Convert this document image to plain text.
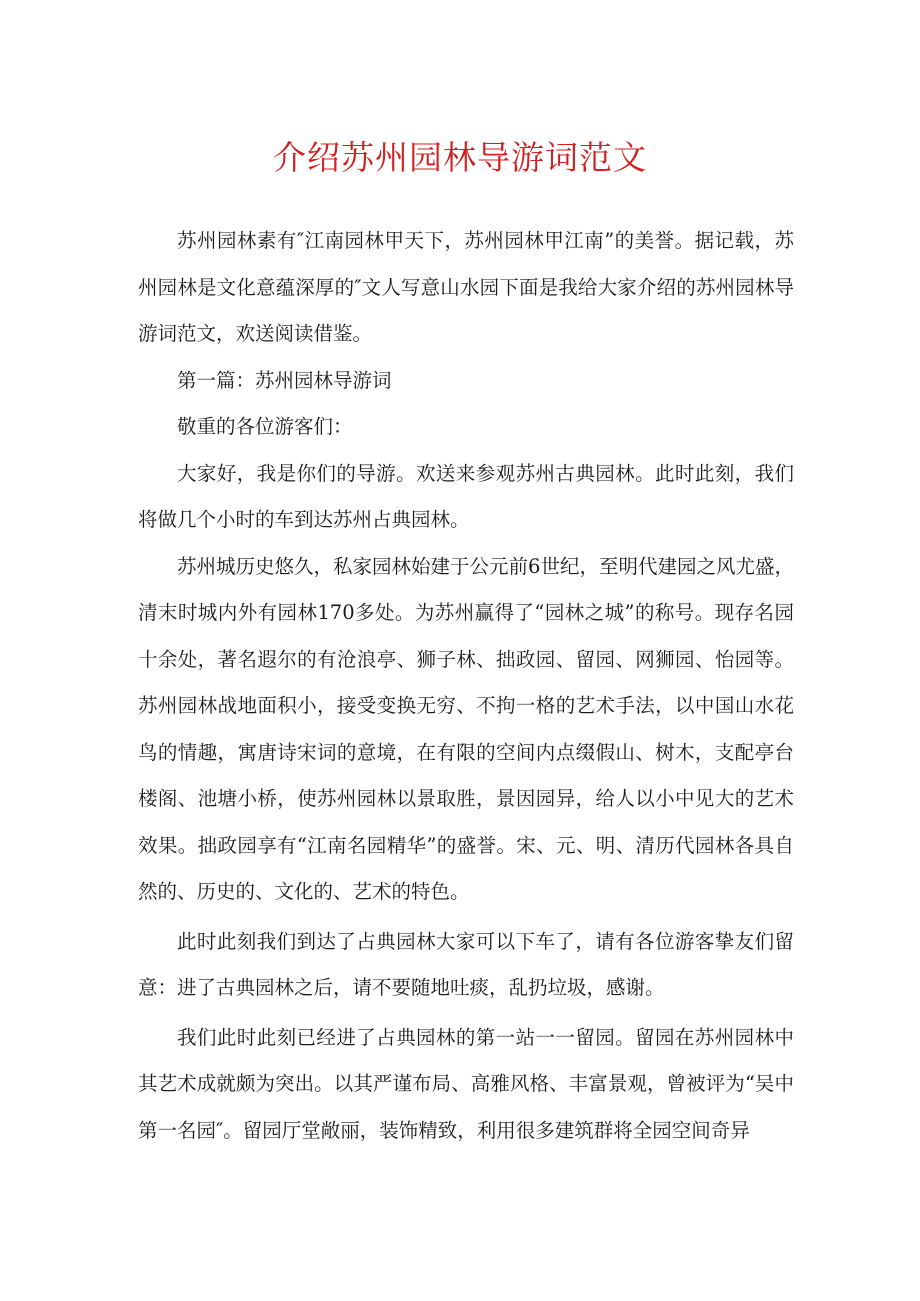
介绍苏州园林导游词范文

苏州园林素有″江南园林甲天下，苏州园林甲江南”的美誉。据记载，苏州园林是文化意蕴深厚的″文人写意山水园下面是我给大家介绍的苏州园林导游词范文，欢送阅读借鉴。

第一篇：苏州园林导游词

敬重的各位游客们：

大家好，我是你们的导游。欢送来参观苏州古典园林。此时此刻，我们将做几个小时的车到达苏州占典园林。

苏州城历史悠久，私家园林始建于公元前6世纪，至明代建园之风尤盛，清末时城内外有园林170多处。为苏州赢得了“园林之城”的称号。现存名园十余处，著名遐尔的有沧浪亭、狮子林、拙政园、留园、网狮园、怡园等。苏州园林战地面积小，接受变换无穷、不拘一格的艺术手法，以中国山水花鸟的情趣，寓唐诗宋词的意境，在有限的空间内点缀假山、树木，支配亭台楼阁、池塘小桥，使苏州园林以景取胜，景因园异，给人以小中见大的艺术效果。拙政园享有“江南名园精华”的盛誉。宋、元、明、清历代园林各具自然的、历史的、文化的、艺术的特色。

此时此刻我们到达了占典园林大家可以下车了，请有各位游客挚友们留意：进了古典园林之后，请不要随地吐痰，乱扔垃圾，感谢。

我们此时此刻已经进了占典园林的第一站一一留园。留园在苏州园林中其艺术成就颇为突出。以其严谨布局、高雅风格、丰富景观，曾被评为“吴中第一名园″。留园厅堂敞丽，装饰精致，利用很多建筑群将全园空间奇异
